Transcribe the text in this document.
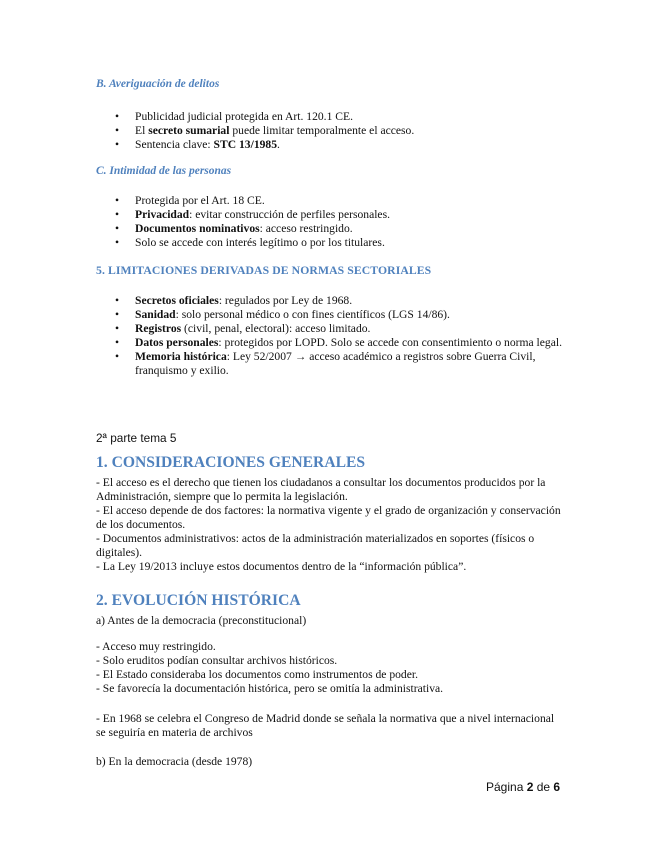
B. Averiguación de delitos
• Publicidad judicial protegida en Art. 120.1 CE.
• El secreto sumarial puede limitar temporalmente el acceso.
• Sentencia clave: STC 13/1985.
C. Intimidad de las personas
• Protegida por el Art. 18 CE.
• Privacidad: evitar construcción de perfiles personales.
• Documentos nominativos: acceso restringido.
• Solo se accede con interés legítimo o por los titulares.
5. LIMITACIONES DERIVADAS DE NORMAS SECTORIALES
• Secretos oficiales: regulados por Ley de 1968.
• Sanidad: solo personal médico o con fines científicos (LGS 14/86).
• Registros (civil, penal, electoral): acceso limitado.
• Datos personales: protegidos por LOPD. Solo se accede con consentimiento o norma legal.
• Memoria histórica: Ley 52/2007 → acceso académico a registros sobre Guerra Civil, franquismo y exilio.
2ª parte tema 5
1. CONSIDERACIONES GENERALES

- El acceso es el derecho que tienen los ciudadanos a consultar los documentos producidos por la Administración, siempre que lo permita la legislación.

- El acceso depende de dos factores: la normativa vigente y el grado de organización y conservación de los documentos.

- Documentos administrativos: actos de la administración materializados en soportes (físicos o digitales).

- La Ley 19/2013 incluye estos documentos dentro de la “información pública”.

2. EVOLUCIÓN HISTÓRICA
a) Antes de la democracia (preconstitucional)

- Acceso muy restringido.

- Solo eruditos podían consultar archivos históricos.

- El Estado consideraba los documentos como instrumentos de poder.

- Se favorecía la documentación histórica, pero se omitía la administrativa.

- En 1968 se celebra el Congreso de Madrid donde se señala la normativa que a nivel internacional se seguiría en materia de archivos
b) En la democracia (desde 1978)
Página 2 de 6
